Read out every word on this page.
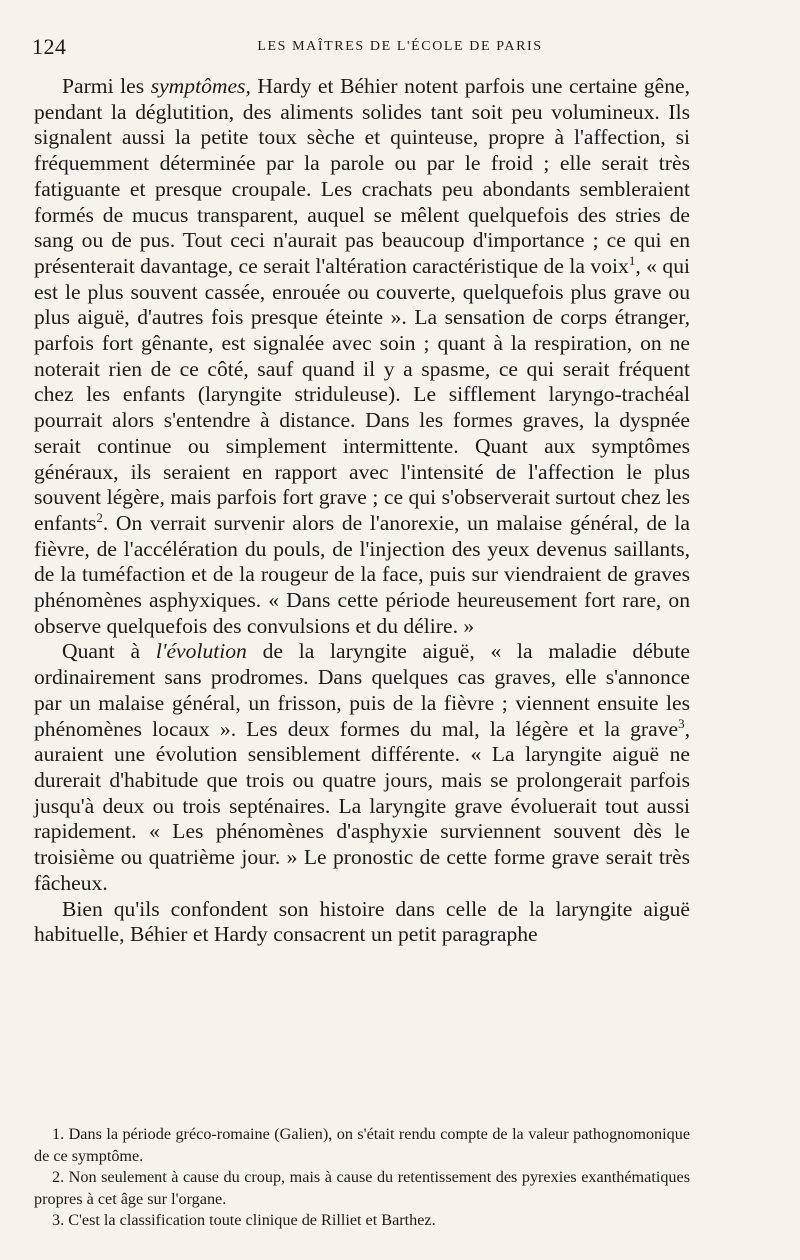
124	LES MAÎTRES DE L'ÉCOLE DE PARIS

Parmi les symptômes, Hardy et Béhier notent parfois une certaine gêne, pendant la déglutition, des aliments solides tant soit peu volumineux. Ils signalent aussi la petite toux sèche et quinteuse, propre à l'affection, si fréquemment déterminée par la parole ou par le froid ; elle serait très fatiguante et presque croupale. Les crachats peu abondants sembleraient formés de mucus transparent, auquel se mêlent quelquefois des stries de sang ou de pus. Tout ceci n'aurait pas beaucoup d'importance ; ce qui en présenterait davantage, ce serait l'altération caractéristique de la voix$^1$, « qui est le plus souvent cassée, enrouée ou couverte, quelquefois plus grave ou plus aiguë, d'autres fois presque éteinte ». La sensation de corps étranger, parfois fort gênante, est signalée avec soin ; quant à la respiration, on ne noterait rien de ce côté, sauf quand il y a spasme, ce qui serait fréquent chez les enfants (laryngite striduleuse). Le sifflement laryngo-trachéal pourrait alors s'entendre à distance. Dans les formes graves, la dyspnée serait continue ou simplement intermittente. Quant aux symptômes généraux, ils seraient en rapport avec l'intensité de l'affection le plus souvent légère, mais parfois fort grave ; ce qui s'observerait surtout chez les enfants$^2$. On verrait survenir alors de l'anorexie, un malaise général, de la fièvre, de l'accélération du pouls, de l'injection des yeux devenus saillants, de la tuméfaction et de la rougeur de la face, puis sur viendraient de graves phénomènes asphyxiques. « Dans cette période heureusement fort rare, on observe quelquefois des convulsions et du délire. »

Quant à l'évolution de la laryngite aiguë, « la maladie débute ordinairement sans prodromes. Dans quelques cas graves, elle s'annonce par un malaise général, un frisson, puis de la fièvre ; viennent ensuite les phénomènes locaux ». Les deux formes du mal, la légère et la grave$^3$, auraient une évolution sensiblement différente. « La laryngite aiguë ne durerait d'habitude que trois ou quatre jours, mais se prolongerait parfois jusqu'à deux ou trois septénaires. La laryngite grave évoluerait tout aussi rapidement. « Les phénomènes d'asphyxie surviennent souvent dès le troisième ou quatrième jour. » Le pronostic de cette forme grave serait très fâcheux.

Bien qu'ils confondent son histoire dans celle de la laryngite aiguë habituelle, Béhier et Hardy consacrent un petit paragraphe

1. Dans la période gréco-romaine (Galien), on s'était rendu compte de la valeur pathognomonique de ce symptôme.

2. Non seulement à cause du croup, mais à cause du retentissement des pyrexies exanthématiques propres à cet âge sur l'organe.

3. C'est la classification toute clinique de Rilliet et Barthez.
